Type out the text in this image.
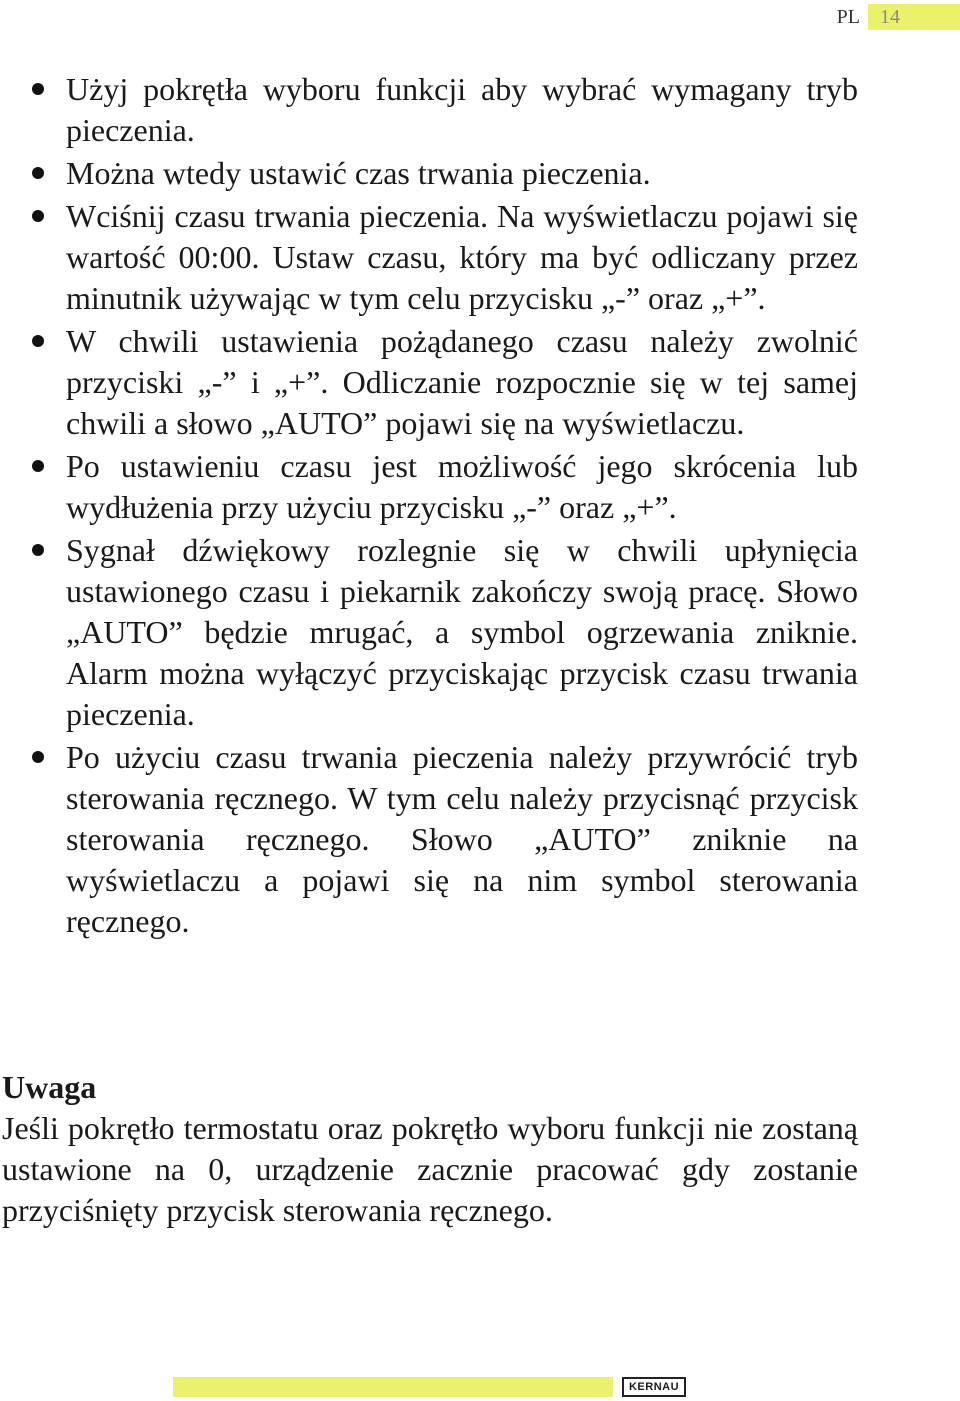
PL	14
Użyj pokrętła wyboru funkcji aby wybrać wymagany tryb pieczenia.
Można wtedy ustawić czas trwania pieczenia.
Wciśnij czasu trwania pieczenia. Na wyświetlaczu pojawi się wartość 00:00. Ustaw czasu, który ma być odliczany przez minutnik używając w tym celu przycisku „-” oraz „+”.
W chwili ustawienia pożądanego czasu należy zwolnić przyciski „-” i „+”. Odliczanie rozpocznie się w tej samej chwili a słowo „AUTO” pojawi się na wyświetlaczu.
Po ustawieniu czasu jest możliwość jego skrócenia lub wydłużenia przy użyciu przycisku „-” oraz „+”.
Sygnał dźwiękowy rozlegnie się w chwili upłynięcia ustawionego czasu i piekarnik zakończy swoją pracę. Słowo „AUTO” będzie mrugać, a symbol ogrzewania zniknie. Alarm można wyłączyć przyciskając przycisk czasu trwania pieczenia.
Po użyciu czasu trwania pieczenia należy przywrócić tryb sterowania ręcznego. W tym celu należy przycisnąć przycisk sterowania ręcznego. Słowo „AUTO” zniknie na wyświetlaczu a pojawi się na nim symbol sterowania ręcznego.
Uwaga
Jeśli pokrętło termostatu oraz pokrętło wyboru funkcji nie zostaną ustawione na 0, urządzenie zacznie pracować gdy zostanie przyciśnięty przycisk sterowania ręcznego.
KERNAU
